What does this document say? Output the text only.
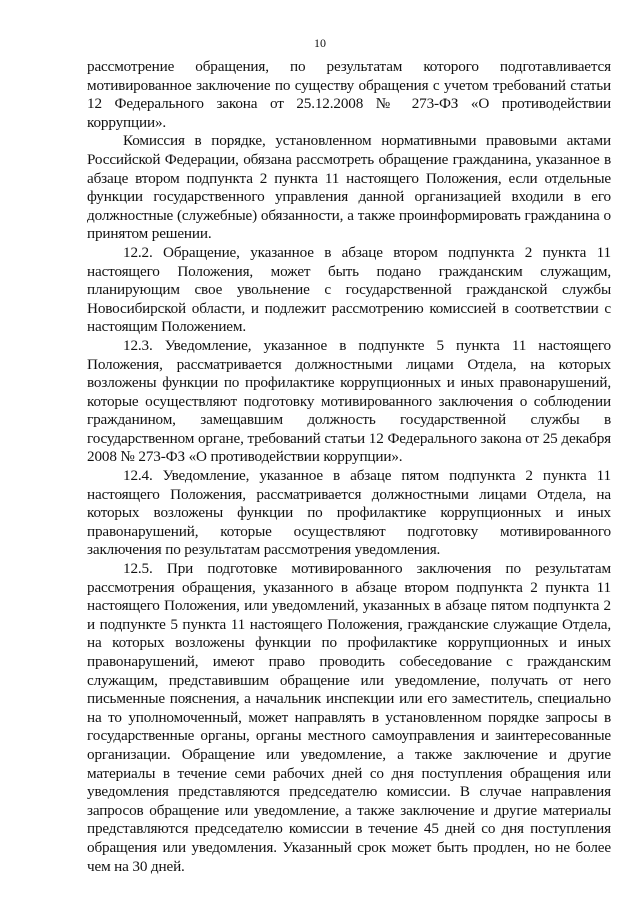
10

рассмотрение обращения, по результатам которого подготавливается мотивированное заключение по существу обращения с учетом требований статьи 12 Федерального закона от 25.12.2008 № 273-ФЗ «О противодействии коррупции».

Комиссия в порядке, установленном нормативными правовыми актами Российской Федерации, обязана рассмотреть обращение гражданина, указанное в абзаце втором подпункта 2 пункта 11 настоящего Положения, если отдельные функции государственного управления данной организацией входили в его должностные (служебные) обязанности, а также проинформировать гражданина о принятом решении.

12.2. Обращение, указанное в абзаце втором подпункта 2 пункта 11 настоящего Положения, может быть подано гражданским служащим, планирующим свое увольнение с государственной гражданской службы Новосибирской области, и подлежит рассмотрению комиссией в соответствии с настоящим Положением.

12.3. Уведомление, указанное в подпункте 5 пункта 11 настоящего Положения, рассматривается должностными лицами Отдела, на которых возложены функции по профилактике коррупционных и иных правонарушений, которые осуществляют подготовку мотивированного заключения о соблюдении гражданином, замещавшим должность государственной службы в государственном органе, требований статьи 12 Федерального закона от 25 декабря 2008 № 273-ФЗ «О противодействии коррупции».

12.4. Уведомление, указанное в абзаце пятом подпункта 2 пункта 11 настоящего Положения, рассматривается должностными лицами Отдела, на которых возложены функции по профилактике коррупционных и иных правонарушений, которые осуществляют подготовку мотивированного заключения по результатам рассмотрения уведомления.

12.5. При подготовке мотивированного заключения по результатам рассмотрения обращения, указанного в абзаце втором подпункта 2 пункта 11 настоящего Положения, или уведомлений, указанных в абзаце пятом подпункта 2 и подпункте 5 пункта 11 настоящего Положения, гражданские служащие Отдела, на которых возложены функции по профилактике коррупционных и иных правонарушений, имеют право проводить собеседование с гражданским служащим, представившим обращение или уведомление, получать от него письменные пояснения, а начальник инспекции или его заместитель, специально на то уполномоченный, может направлять в установленном порядке запросы в государственные органы, органы местного самоуправления и заинтересованные организации. Обращение или уведомление, а также заключение и другие материалы в течение семи рабочих дней со дня поступления обращения или уведомления представляются председателю комиссии. В случае направления запросов обращение или уведомление, а также заключение и другие материалы представляются председателю комиссии в течение 45 дней со дня поступления обращения или уведомления. Указанный срок может быть продлен, но не более чем на 30 дней.
